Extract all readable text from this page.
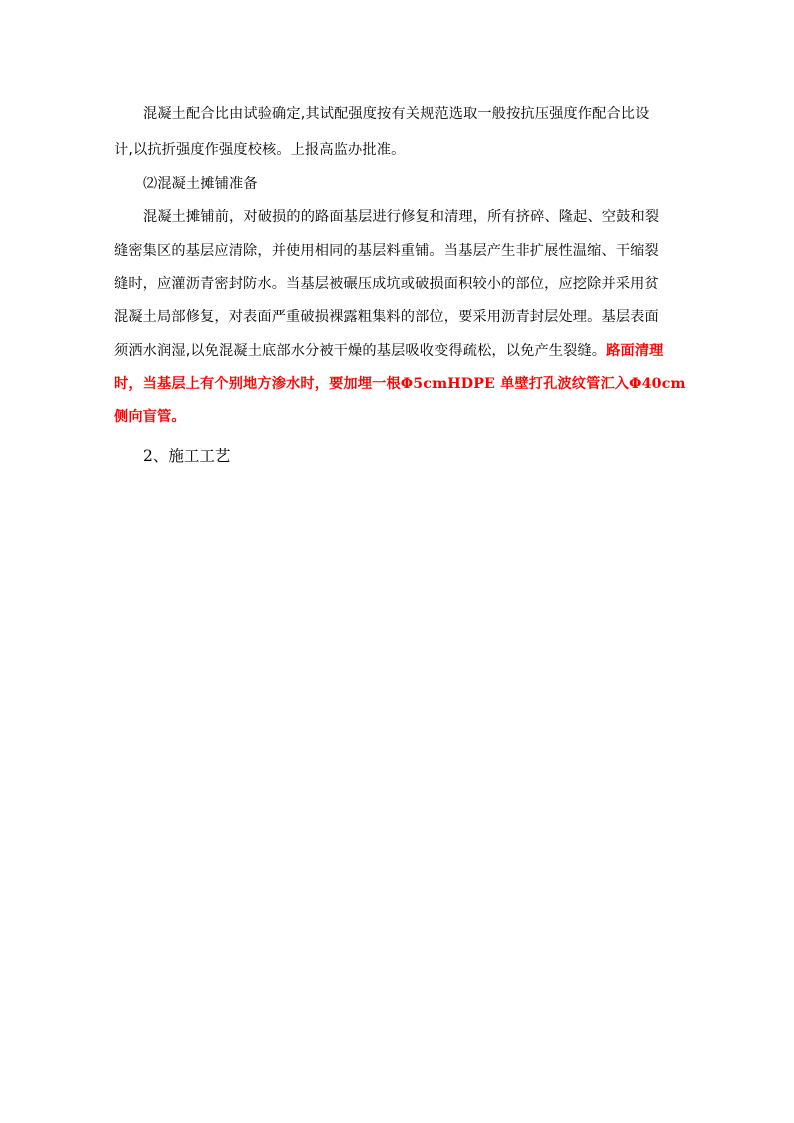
混凝土配合比由试验确定,其试配强度按有关规范选取一般按抗压强度作配合比设
计,以抗折强度作强度校核。上报高监办批准。
⑵混凝土摊铺准备
混凝土摊铺前，对破损的的路面基层进行修复和清理，所有挤碎、隆起、空鼓和裂
缝密集区的基层应清除，并使用相同的基层料重铺。当基层产生非扩展性温缩、干缩裂
缝时，应灌沥青密封防水。当基层被碾压成坑或破损面积较小的部位，应挖除并采用贫
混凝土局部修复，对表面严重破损裸露粗集料的部位，要采用沥青封层处理。基层表面
须洒水润湿,以免混凝土底部水分被干燥的基层吸收变得疏松，以免产生裂缝。路面清理
时，当基层上有个别地方渗水时，要加埋一根Φ5cmHDPE 单壁打孔波纹管汇入Φ40cm
侧向盲管。
2、施工工艺
